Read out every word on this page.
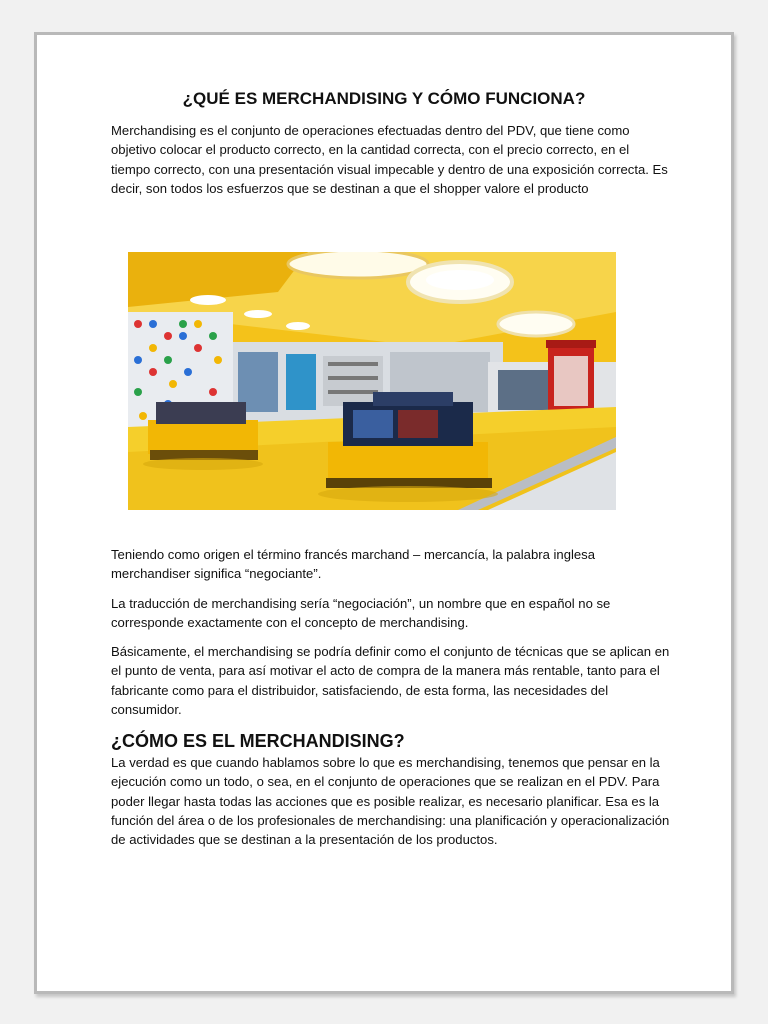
¿QUÉ ES MERCHANDISING Y CÓMO FUNCIONA?

Merchandising es el conjunto de operaciones efectuadas dentro del PDV, que tiene como objetivo colocar el producto correcto, en la cantidad correcta, con el precio correcto, en el tiempo correcto, con una presentación visual impecable y dentro de una exposición correcta. Es decir, son todos los esfuerzos que se destinan a que el shopper valore el producto

Teniendo como origen el término francés marchand – mercancía, la palabra inglesa merchandiser significa “negociante”.

La traducción de merchandising sería “negociación”, un nombre que en español no se corresponde exactamente con el concepto de merchandising.

Básicamente, el merchandising se podría definir como el conjunto de técnicas que se aplican en el punto de venta, para así motivar el acto de compra de la manera más rentable, tanto para el fabricante como para el distribuidor, satisfaciendo, de esta forma, las necesidades del consumidor.

¿CÓMO ES EL MERCHANDISING?

La verdad es que cuando hablamos sobre lo que es merchandising, tenemos que pensar en la ejecución como un todo, o sea, en el conjunto de operaciones que se realizan en el PDV. Para poder llegar hasta todas las acciones que es posible realizar, es necesario planificar. Esa es la función del área o de los profesionales de merchandising: una planificación y operacionalización de actividades que se destinan a la presentación de los productos.
